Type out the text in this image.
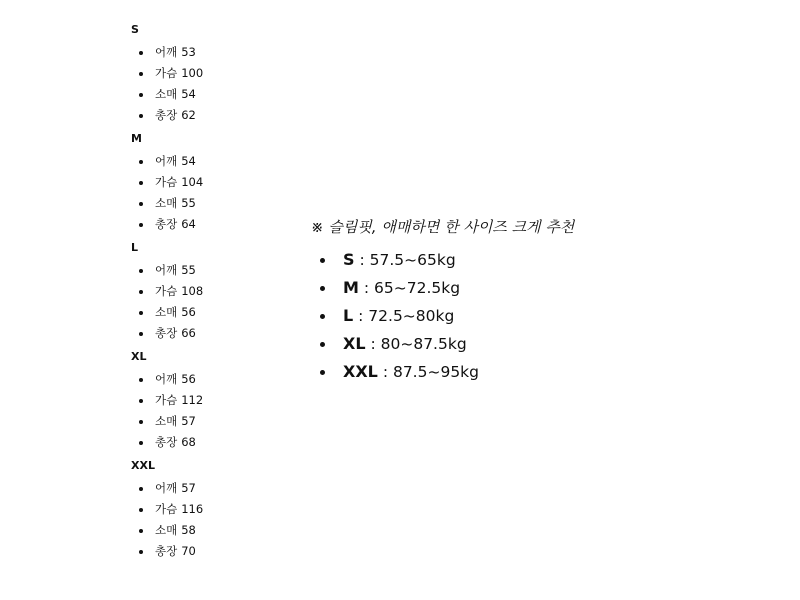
S
어깨 53
가슴 100
소매 54
총장 62
M
어깨 54
가슴 104
소매 55
총장 64
L
어깨 55
가슴 108
소매 56
총장 66
XL
어깨 56
가슴 112
소매 57
총장 68
XXL
어깨 57
가슴 116
소매 58
총장 70
※ 슬림핏, 애매하면 한 사이즈 크게 추천
S : 57.5~65kg
M : 65~72.5kg
L : 72.5~80kg
XL : 80~87.5kg
XXL : 87.5~95kg
